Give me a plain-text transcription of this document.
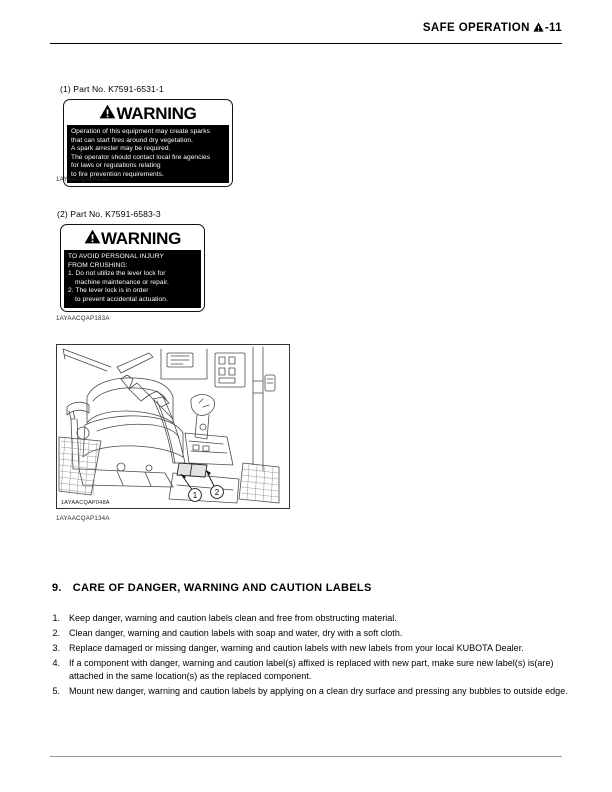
SAFE OPERATION -11
(1) Part No. K7591-6531-1
WARNING

Operation of this equipment may create sparks

that can start fires around dry vegetation.

A spark arrester may be required.

The operator should contact local fire agencies

for laws or regulations relating

to fire prevention requirements.

1AYAACQAP018A
(2) Part No. K7591-6583-3
WARNING

TO AVOID PERSONAL INJURY

FROM CRUSHING:

1. Do not utilize the lever lock for

machine maintenance or repair.

2. The lever lock is in order

to prevent accidental actuation.

1AYAACQAP183A
1 2
1AYAACQAP048A
1AYAACQAP134A
9. CARE OF DANGER, WARNING AND CAUTION LABELS
1. Keep danger, warning and caution labels clean and free from obstructing material.
2. Clean danger, warning and caution labels with soap and water, dry with a soft cloth.
3. Replace damaged or missing danger, warning and caution labels with new labels from your local KUBOTA Dealer.
4. If a component with danger, warning and caution label(s) affixed is replaced with new part, make sure new label(s) is(are) attached in the same location(s) as the replaced component.
5. Mount new danger, warning and caution labels by applying on a clean dry surface and pressing any bubbles to outside edge.
